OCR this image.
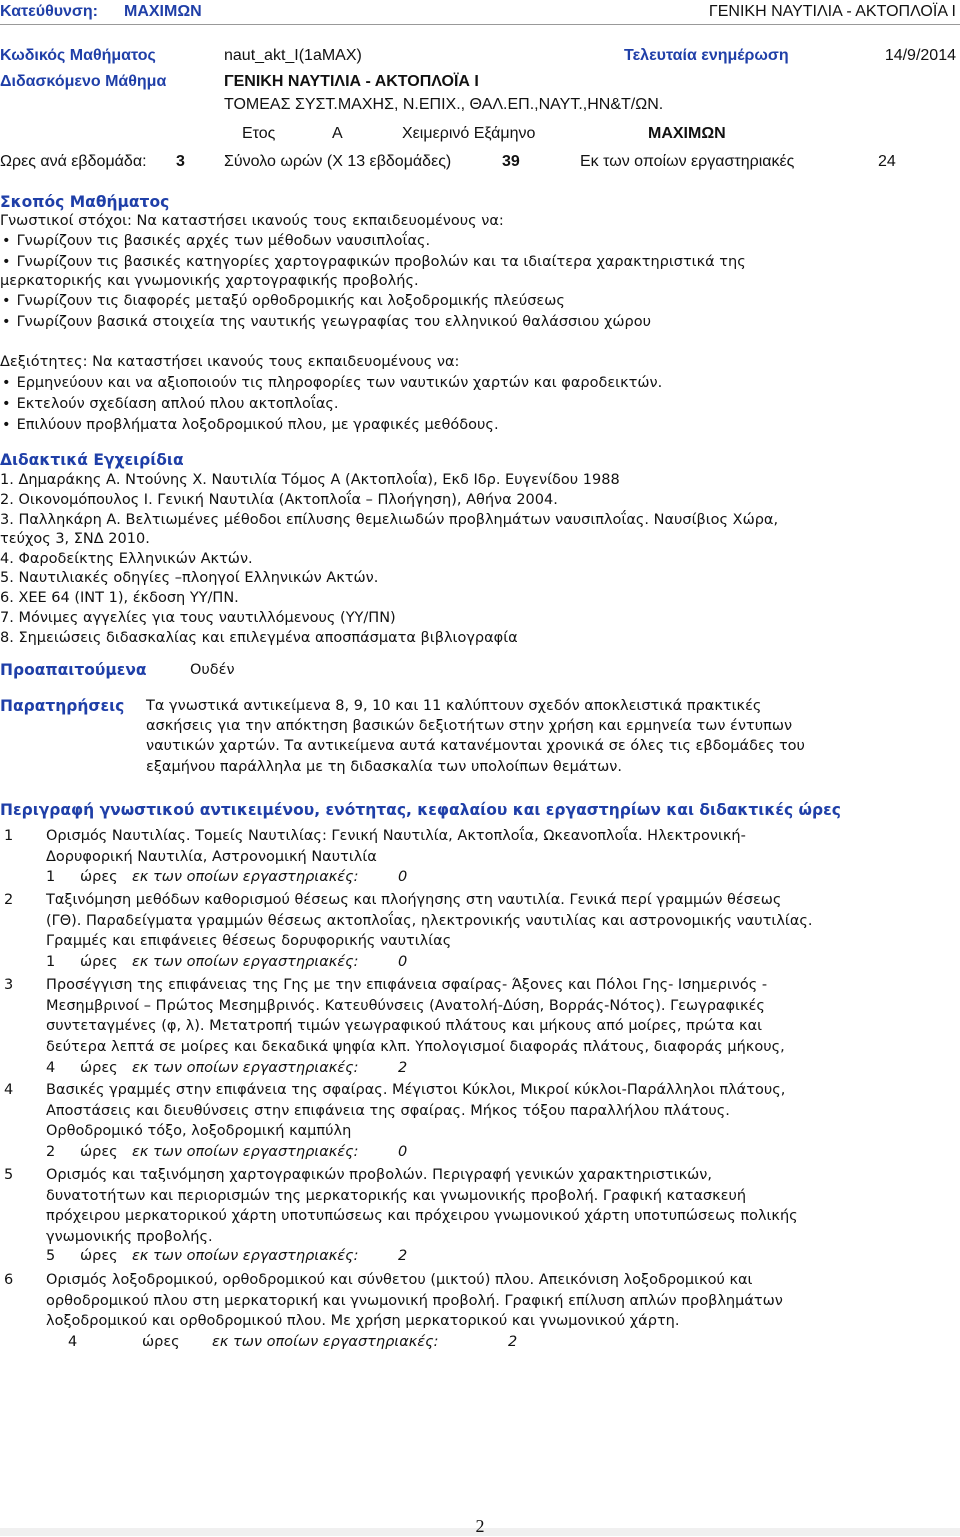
Κατεύθυνση: ΜΑΧΙΜΩΝ	ΓΕΝΙΚΗ ΝΑΥΤΙΛΙΑ - ΑΚΤΟΠΛΟΪΑ Ι
Κωδικός Μαθήματος	naut_akt_I(1aMAX)	Τελευταία ενημέρωση	14/9/2014
Διδασκόμενο Μάθημα	ΓΕΝΙΚΗ ΝΑΥΤΙΛΙΑ - ΑΚΤΟΠΛΟΪΑ Ι
ΤΟΜΕΑΣ ΣΥΣΤ.ΜΑΧΗΣ, Ν.ΕΠΙΧ., ΘΑΛ.ΕΠ.,ΝΑΥΤ.,ΗΝ&Τ/ΩΝ.
Ετος	Α	Χειμερινό Εξάμηνο	ΜΑΧΙΜΩΝ
Ωρες ανά εβδομάδα: 3 Σύνολο ωρών (Χ 13 εβδομάδες)	39	Εκ των οποίων εργαστηριακές	24
Σκοπός Μαθήματος
Γνωστικοί στόχοι: Να καταστήσει ικανούς τους εκπαιδευομένους να:
• Γνωρίζουν τις βασικές αρχές των μέθοδων ναυσιπλοΐας.
• Γνωρίζουν τις βασικές κατηγορίες χαρτογραφικών προβολών και τα ιδιαίτερα χαρακτηριστικά της
μερκατορικής και γνωμονικής χαρτογραφικής προβολής.
• Γνωρίζουν τις διαφορές μεταξύ ορθοδρομικής και λοξοδρομικής πλεύσεως
• Γνωρίζουν βασικά στοιχεία της ναυτικής γεωγραφίας του ελληνικού θαλάσσιου χώρου
Δεξιότητες: Να καταστήσει ικανούς τους εκπαιδευομένους να:
• Ερμηνεύουν και να αξιοποιούν τις πληροφορίες των ναυτικών χαρτών και φαροδεικτών.
• Εκτελούν σχεδίαση απλού πλου ακτοπλοΐας.
• Επιλύουν προβλήματα λοξοδρομικού πλου, με γραφικές μεθόδους.
Διδακτικά Εγχειρίδια
1. Δημαράκης Α. Ντούνης Χ. Ναυτιλία Τόμος Α (Ακτοπλοΐα), Εκδ Ιδρ. Ευγενίδου 1988
2. Οικονομόπουλος Ι. Γενική Ναυτιλία (Ακτοπλοΐα – Πλοήγηση), Αθήνα 2004.
3. Παλληκάρη Α. Βελτιωμένες μέθοδοι επίλυσης θεμελιωδών προβλημάτων ναυσιπλοΐας. Ναυσίβιος Χώρα,
τεύχος 3, ΣΝΔ 2010.
4. Φαροδείκτης Ελληνικών Ακτών.
5. Ναυτιλιακές οδηγίες –πλοηγοί Ελληνικών Ακτών.
6. ΧΕΕ 64 (INT 1), έκδοση ΥΥ/ΠΝ.
7. Μόνιμες αγγελίες για τους ναυτιλλόμενους (ΥΥ/ΠΝ)
8. Σημειώσεις διδασκαλίας και επιλεγμένα αποσπάσματα βιβλιογραφία
Προαπαιτούμενα	Ουδέν
Παρατηρήσεις Τα γνωστικά αντικείμενα 8, 9, 10 και 11 καλύπτουν σχεδόν αποκλειστικά πρακτικές
ασκήσεις για την απόκτηση βασικών δεξιοτήτων στην χρήση και ερμηνεία των έντυπων
ναυτικών χαρτών. Τα αντικείμενα αυτά κατανέμονται χρονικά σε όλες τις εβδομάδες του
εξαμήνου παράλληλα με τη διδασκαλία των υπολοίπων θεμάτων.
Περιγραφή γνωστικού αντικειμένου, ενότητας, κεφαλαίου και εργαστηρίων και διδακτικές ώρες
1 Ορισμός Ναυτιλίας. Τομείς Ναυτιλίας: Γενική Ναυτιλία, Ακτοπλοΐα, Ωκεανοπλοΐα. Ηλεκτρονική-
Δορυφορική Ναυτιλία, Αστρονομική Ναυτιλία
1 ώρες εκ των οποίων εργαστηριακές:	0
2 Ταξινόμηση μεθόδων καθορισμού θέσεως και πλοήγησης στη ναυτιλία. Γενικά περί γραμμών θέσεως
(ΓΘ). Παραδείγματα γραμμών θέσεως ακτοπλοΐας, ηλεκτρονικής ναυτιλίας και αστρονομικής ναυτιλίας.
Γραμμές και επιφάνειες θέσεως δορυφορικής ναυτιλίας
1 ώρες εκ των οποίων εργαστηριακές:	0
3 Προσέγγιση της επιφάνειας της Γης με την επιφάνεια σφαίρας- Άξονες και Πόλοι Γης- Ισημερινός -
Μεσημβρινοί – Πρώτος Μεσημβρινός. Κατευθύνσεις (Ανατολή-Δύση, Βορράς-Νότος). Γεωγραφικές
συντεταγμένες (φ, λ). Μετατροπή τιμών γεωγραφικού πλάτους και μήκους από μοίρες, πρώτα και
δεύτερα λεπτά σε μοίρες και δεκαδικά ψηφία κλπ. Υπολογισμοί διαφοράς πλάτους, διαφοράς μήκους,
4 ώρες εκ των οποίων εργαστηριακές:	2
4 Βασικές γραμμές στην επιφάνεια της σφαίρας. Μέγιστοι Κύκλοι, Μικροί κύκλοι-Παράλληλοι πλάτους,
Αποστάσεις και διευθύνσεις στην επιφάνεια της σφαίρας. Μήκος τόξου παραλλήλου πλάτους.
Ορθοδρομικό τόξο, λοξοδρομική καμπύλη
2 ώρες εκ των οποίων εργαστηριακές:	0
5 Ορισμός και ταξινόμηση χαρτογραφικών προβολών. Περιγραφή γενικών χαρακτηριστικών,
δυνατοτήτων και περιορισμών της μερκατορικής και γνωμονικής προβολή. Γραφική κατασκευή
πρόχειρου μερκατορικού χάρτη υποτυπώσεως και πρόχειρου γνωμονικού χάρτη υποτυπώσεως πολικής
γνωμονικής προβολής.
5 ώρες εκ των οποίων εργαστηριακές:	2
6 Ορισμός λοξοδρομικού, ορθοδρομικού και σύνθετου (μικτού) πλου. Απεικόνιση λοξοδρομικού και
ορθοδρομικού πλου στη μερκατορική και γνωμονική προβολή. Γραφική επίλυση απλών προβλημάτων
λοξοδρομικού και ορθοδρομικού πλου. Με χρήση μερκατορικού και γνωμονικού χάρτη.
4	ώρες εκ των οποίων εργαστηριακές:	2
2
